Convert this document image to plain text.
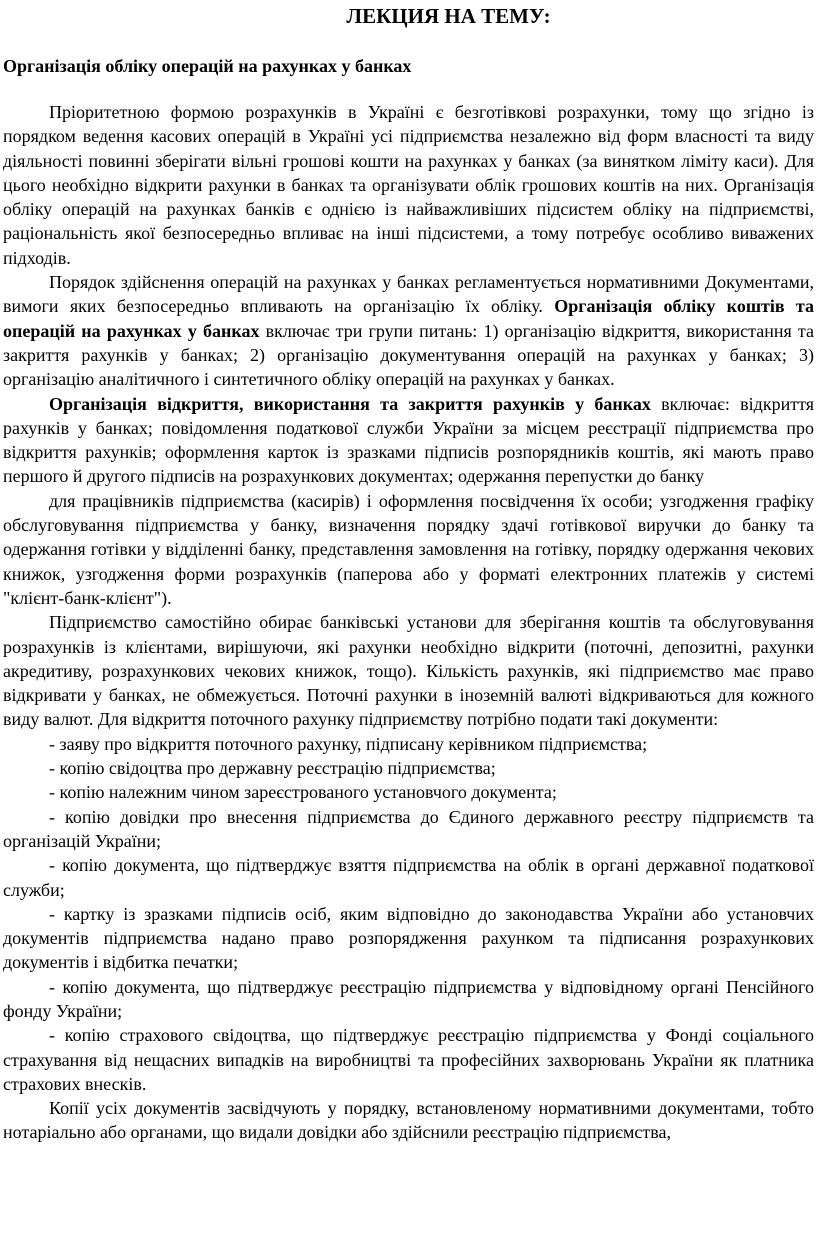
ЛЕКЦИЯ НА ТЕМУ:
Організація обліку операцій на рахунках у банках

Пріоритетною формою розрахунків в Україні є безготівкові розрахунки, тому що згідно із порядком ведення касових операцій в Україні усі підприємства незалежно від форм власності та виду діяльності повинні зберігати вільні грошові кошти на рахунках у банках (за винятком ліміту каси). Для цього необхідно відкрити рахунки в банках та організувати облік грошових коштів на них. Організація обліку операцій на рахунках банків є однією із найважливіших підсистем обліку на підприємстві, раціональність якої безпосередньо впливає на інші підсистеми, а тому потребує особливо виважених підходів.

Порядок здійснення операцій на рахунках у банках регламентується нормативними Документами, вимоги яких безпосередньо впливають на організацію їх обліку. Організація обліку коштів та операцій на рахунках у банках включає три групи питань: 1) організацію відкриття, використання та закриття рахунків у банках; 2) організацію документування операцій на рахунках у банках; 3) організацію аналітичного і синтетичного обліку операцій на рахунках у банках.

Організація відкриття, використання та закриття рахунків у банках включає: відкриття рахунків у банках; повідомлення податкової служби України за місцем реєстрації підприємства про відкриття рахунків; оформлення карток із зразками підписів розпорядників коштів, які мають право першого й другого підписів на розрахункових документах; одержання перепустки до банку

для працівників підприємства (касирів) і оформлення посвідчення їх особи; узгодження графіку обслуговування підприємства у банку, визначення порядку здачі готівкової виручки до банку та одержання готівки у відділенні банку, представлення замовлення на готівку, порядку одержання чекових книжок, узгодження форми розрахунків (паперова або у форматі електронних платежів у системі "клієнт-банк-клієнт").

Підприємство самостійно обирає банківські установи для зберігання коштів та обслуговування розрахунків із клієнтами, вирішуючи, які рахунки необхідно відкрити (поточні, депозитні, рахунки акредитиву, розрахункових чекових книжок, тощо). Кількість рахунків, які підприємство має право відкривати у банках, не обмежується. Поточні рахунки в іноземній валюті відкриваються для кожного виду валют. Для відкриття поточного рахунку підприємству потрібно подати такі документи:

- заяву про відкриття поточного рахунку, підписану керівником підприємства;

- копію свідоцтва про державну реєстрацію підприємства;

- копію належним чином зареєстрованого установчого документа;

- копію довідки про внесення підприємства до Єдиного державного реєстру підприємств та організацій України;

- копію документа, що підтверджує взяття підприємства на облік в органі державної податкової служби;

- картку із зразками підписів осіб, яким відповідно до законодавства України або установчих документів підприємства надано право розпорядження рахунком та підписання розрахункових документів і відбитка печатки;

- копію документа, що підтверджує реєстрацію підприємства у відповідному органі Пенсійного фонду України;

- копію страхового свідоцтва, що підтверджує реєстрацію підприємства у Фонді соціального страхування від нещасних випадків на виробництві та професійних захворювань України як платника страхових внесків.

Копії усіх документів засвідчують у порядку, встановленому нормативними документами, тобто нотаріально або органами, що видали довідки або здійснили реєстрацію підприємства,
